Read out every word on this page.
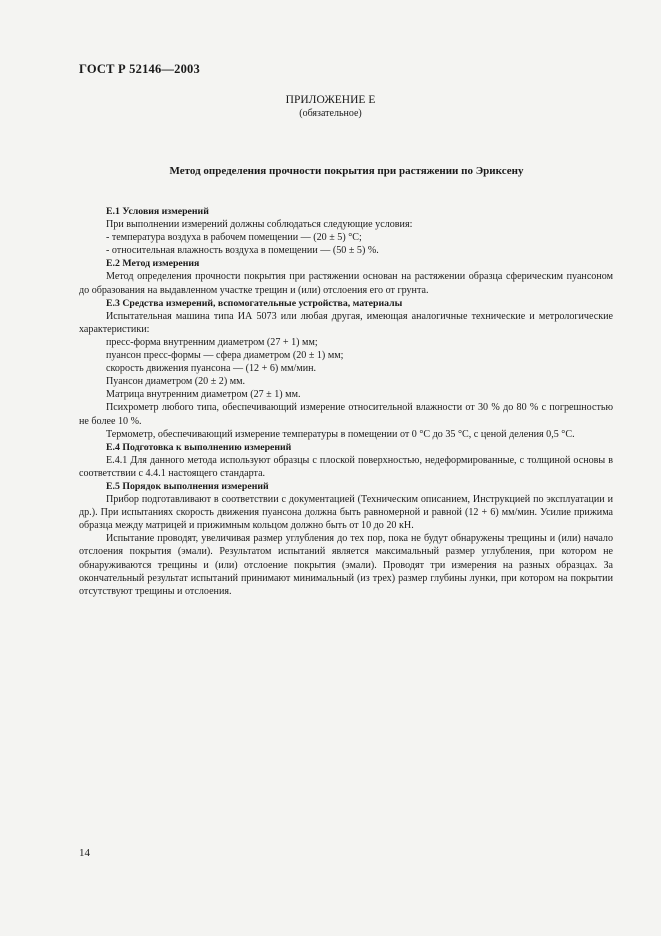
ГОСТ Р 52146—2003
ПРИЛОЖЕНИЕ Е
(обязательное)
Метод определения прочности покрытия при растяжении по Эриксену

Е.1 Условия измерений

При выполнении измерений должны соблюдаться следующие условия:

- температура воздуха в рабочем помещении — (20 ± 5) °С;

- относительная влажность воздуха в помещении — (50 ± 5) %.

Е.2 Метод измерения

Метод определения прочности покрытия при растяжении основан на растяжении образца сферическим пуансоном до образования на выдавленном участке трещин и (или) отслоения его от грунта.

Е.3 Средства измерений, вспомогательные устройства, материалы

Испытательная машина типа ИА 5073 или любая другая, имеющая аналогичные технические и метрологические характеристики:

пресс-форма внутренним диаметром (27 + 1) мм;

пуансон пресс-формы — сфера диаметром (20 ± 1) мм;

скорость движения пуансона — (12 + 6) мм/мин.

Пуансон диаметром (20 ± 2) мм.

Матрица внутренним диаметром (27 ± 1) мм.

Психрометр любого типа, обеспечивающий измерение относительной влажности от 30 % до 80 % с погрешностью не более 10 %.

Термометр, обеспечивающий измерение температуры в помещении от 0 °С до 35 °С, с ценой деления 0,5 °С.

Е.4 Подготовка к выполнению измерений

Е.4.1 Для данного метода используют образцы с плоской поверхностью, недеформированные, с толщиной основы в соответствии с 4.4.1 настоящего стандарта.

Е.5 Порядок выполнения измерений

Прибор подготавливают в соответствии с документацией (Техническим описанием, Инструкцией по эксплуатации и др.). При испытаниях скорость движения пуансона должна быть равномерной и равной (12 + 6) мм/мин. Усилие прижима образца между матрицей и прижимным кольцом должно быть от 10 до 20 кН.

Испытание проводят, увеличивая размер углубления до тех пор, пока не будут обнаружены трещины и (или) начало отслоения покрытия (эмали). Результатом испытаний является максимальный размер углубления, при котором не обнаруживаются трещины и (или) отслоение покрытия (эмали). Проводят три измерения на разных образцах. За окончательный результат испытаний принимают минимальный (из трех) размер глубины лунки, при котором на покрытии отсутствуют трещины и отслоения.

14
